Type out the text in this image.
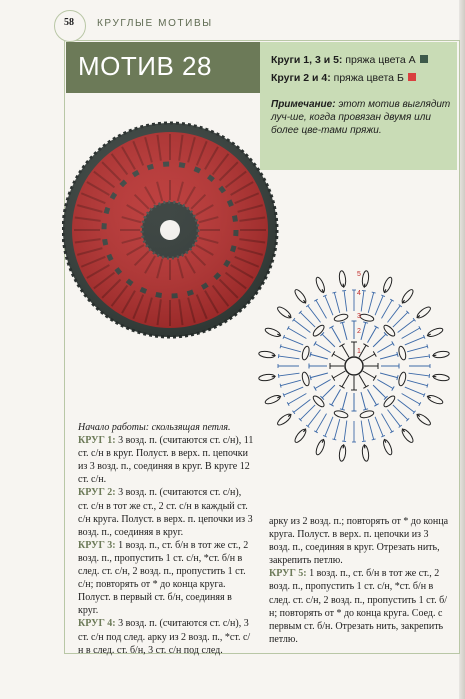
58	КРУГЛЫЕ МОТИВЫ
МОТИВ 28	Круги 1, 3 и 5: пряжа цвета А
Круги 2 и 4: пряжа цвета Б
Примечание: этот мотив выглядит луч-ше, когда провязан двумя или более цве-тами пряжи.
5
4
3
2
1

Начало работы: скользящая петля.

КРУГ 1: 3 возд. п. (считаются ст. с/н), 11 ст. с/н в круг. Полуст. в верх. п. цепочки из 3 возд. п., соединяя в круг. В круге 12 ст. с/н.

КРУГ 2: 3 возд. п. (считаются ст. с/н), ст. с/н в тот же ст., 2 ст. с/н в каждый ст. с/н круга. Полуст. в верх. п. цепочки из 3 возд. п., соединяя в круг.

КРУГ 3: 1 возд. п., ст. б/н в тот же ст., 2 возд. п., пропустить 1 ст. с/н, *ст. б/н в след. ст. с/н, 2 возд. п., пропустить 1 ст. с/н; повторять от * до конца круга. Полуст. в первый ст. б/н, соединяя в круг.

КРУГ 4: 3 возд. п. (считаются ст. с/н), 3 ст. с/н под след. арку из 2 возд. п., *ст. с/н в след. ст. б/н, 3 ст. с/н под след.

арку из 2 возд. п.; повторять от * до конца круга. Полуст. в верх. п. цепочки из 3 возд. п., соединяя в круг. Отрезать нить, закрепить петлю.

КРУГ 5: 1 возд. п., ст. б/н в тот же ст., 2 возд. п., пропустить 1 ст. с/н, *ст. б/н в след. ст. с/н, 2 возд. п., пропустить 1 ст. б/н; повторять от * до конца круга. Соед. с первым ст. б/н. Отрезать нить, закрепить петлю.
